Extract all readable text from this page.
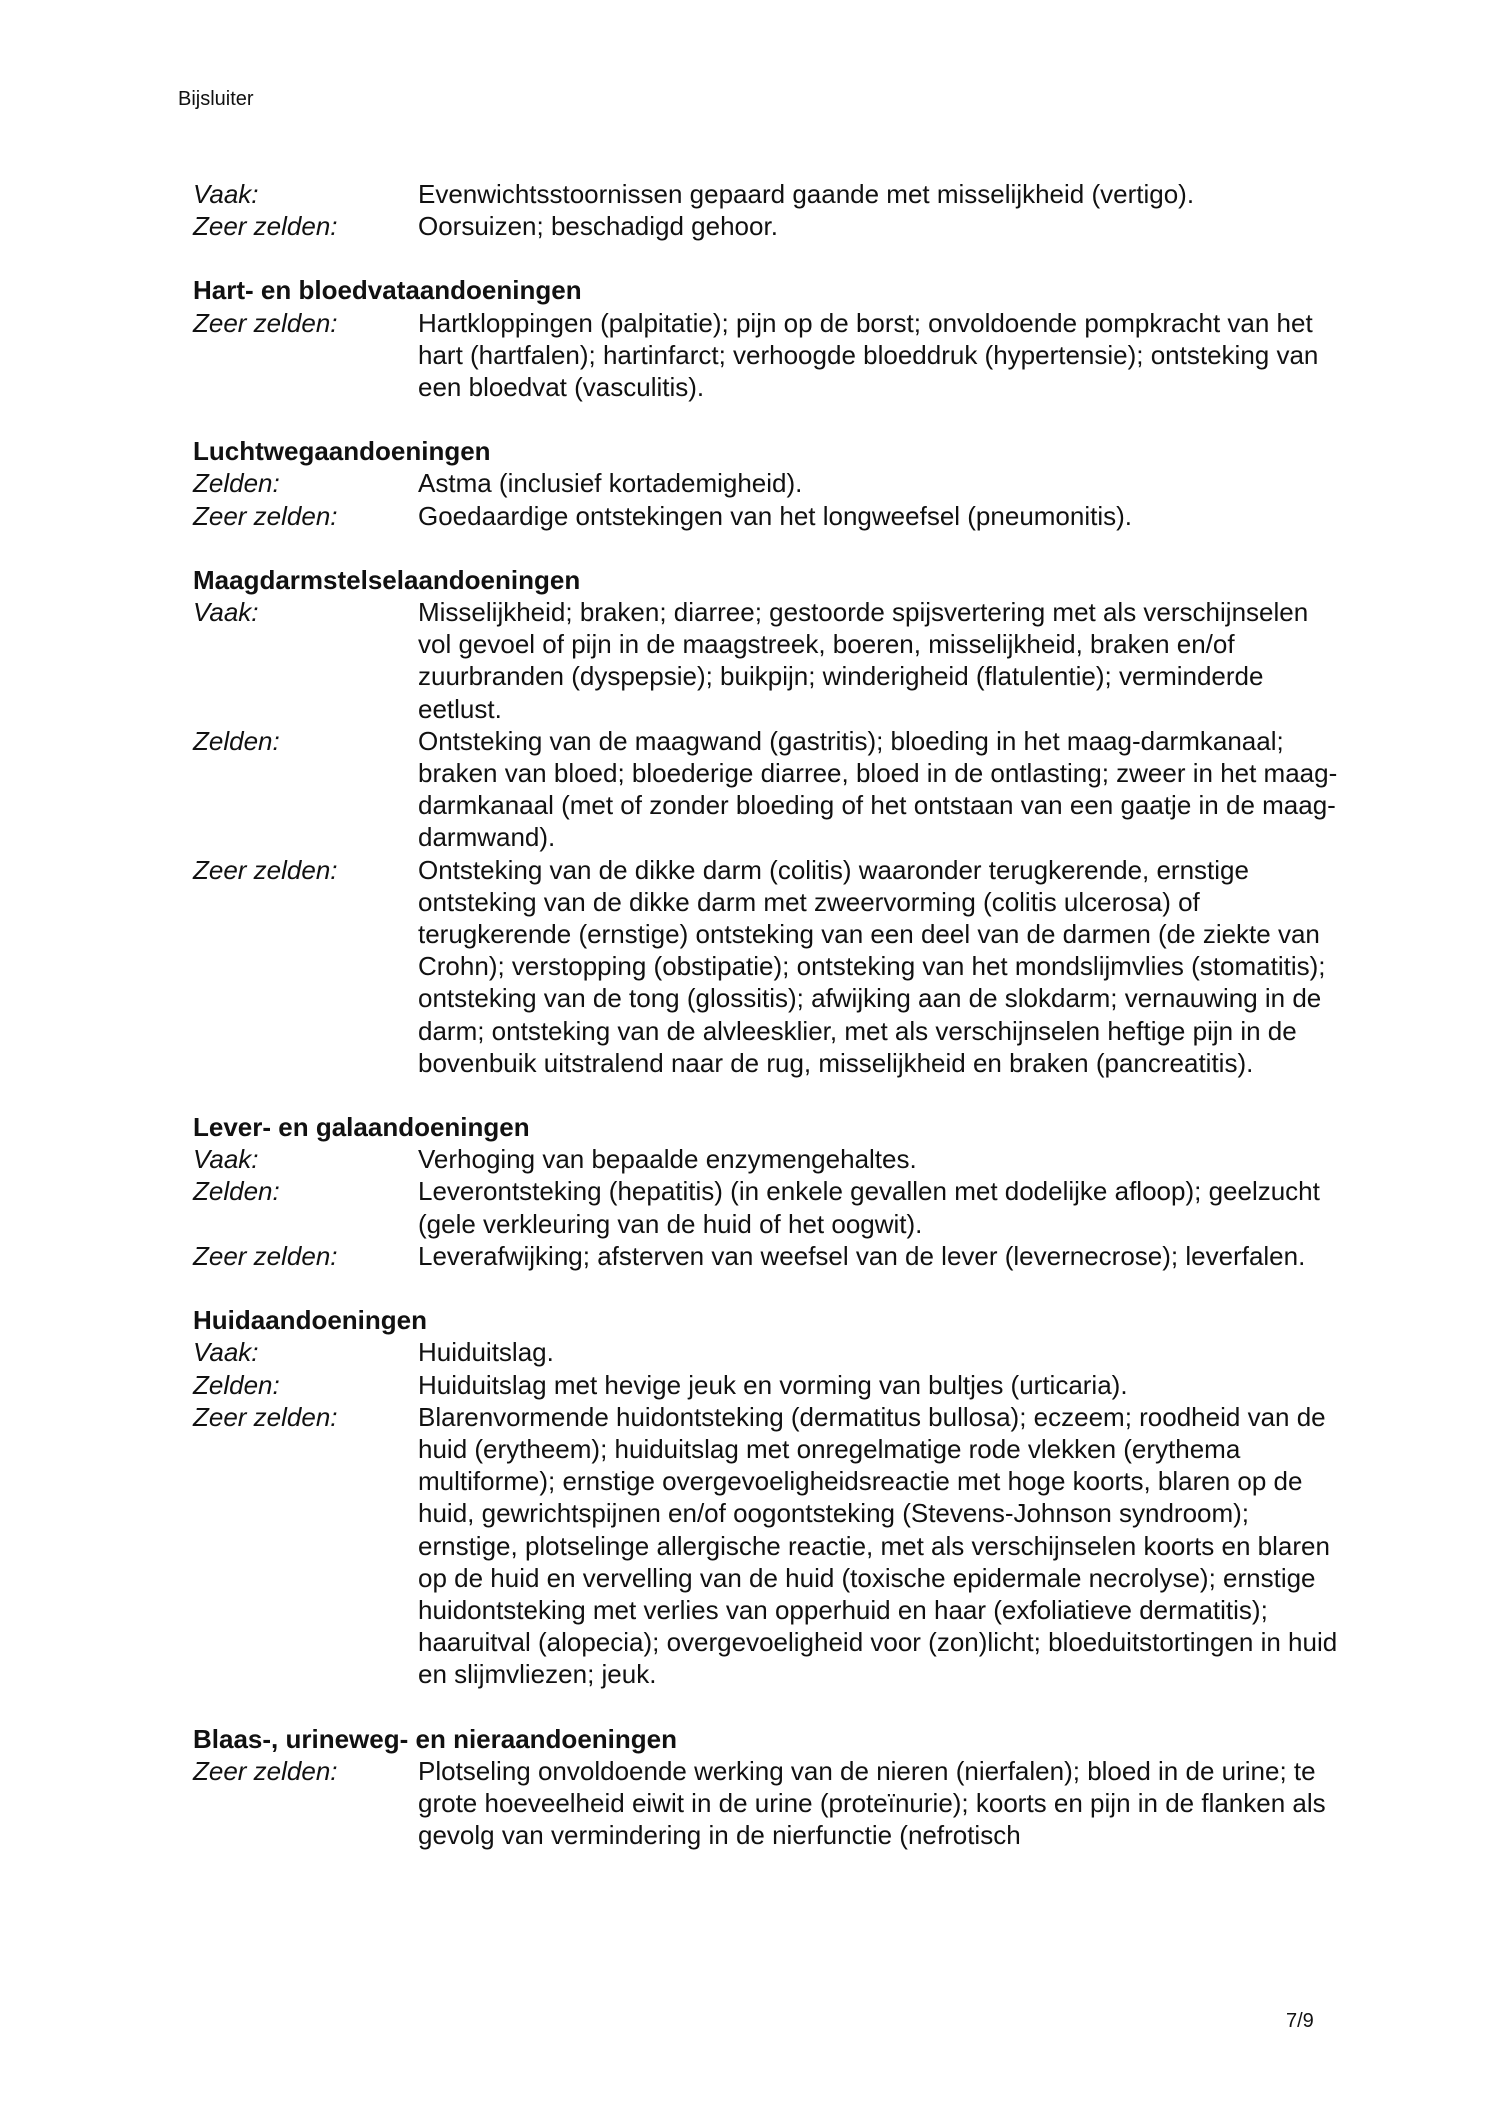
Bijsluiter
Vaak:	Evenwichtsstoornissen gepaard gaande met misselijkheid (vertigo).
Zeer zelden:	Oorsuizen; beschadigd gehoor.
Hart- en bloedvataandoeningen
Zeer zelden:	Hartkloppingen (palpitatie); pijn op de borst; onvoldoende pompkracht van het hart (hartfalen); hartinfarct; verhoogde bloeddruk (hypertensie); ontsteking van een bloedvat (vasculitis).
Luchtwegaandoeningen
Zelden:	Astma (inclusief kortademigheid).
Zeer zelden:	Goedaardige ontstekingen van het longweefsel (pneumonitis).
Maagdarmstelselaandoeningen
Vaak:	Misselijkheid; braken; diarree; gestoorde spijsvertering met als verschijnselen vol gevoel of pijn in de maagstreek, boeren, misselijkheid, braken en/of zuurbranden (dyspepsie); buikpijn; winderigheid (flatulentie); verminderde eetlust.
Zelden:	Ontsteking van de maagwand (gastritis); bloeding in het maag-darmkanaal; braken van bloed; bloederige diarree, bloed in de ontlasting; zweer in het maag-darmkanaal (met of zonder bloeding of het ontstaan van een gaatje in de maag-darmwand).
Zeer zelden:	Ontsteking van de dikke darm (colitis) waaronder terugkerende, ernstige ontsteking van de dikke darm met zweervorming (colitis ulcerosa) of terugkerende (ernstige) ontsteking van een deel van de darmen (de ziekte van Crohn); verstopping (obstipatie); ontsteking van het mondslijmvlies (stomatitis); ontsteking van de tong (glossitis); afwijking aan de slokdarm; vernauwing in de darm; ontsteking van de alvleesklier, met als verschijnselen heftige pijn in de bovenbuik uitstralend naar de rug, misselijkheid en braken (pancreatitis).
Lever- en galaandoeningen
Vaak:	Verhoging van bepaalde enzymengehaltes.
Zelden:	Leverontsteking (hepatitis) (in enkele gevallen met dodelijke afloop); geelzucht (gele verkleuring van de huid of het oogwit).
Zeer zelden:	Leverafwijking; afsterven van weefsel van de lever (levernecrose); leverfalen.
Huidaandoeningen
Vaak:	Huiduitslag.
Zelden:	Huiduitslag met hevige jeuk en vorming van bultjes (urticaria).
Zeer zelden:	Blarenvormende huidontsteking (dermatitus bullosa); eczeem; roodheid van de huid (erytheem); huiduitslag met onregelmatige rode vlekken (erythema multiforme); ernstige overgevoeligheidsreactie met hoge koorts, blaren op de huid, gewrichtspijnen en/of oogontsteking (Stevens-Johnson syndroom); ernstige, plotselinge allergische reactie, met als verschijnselen koorts en blaren op de huid en vervelling van de huid (toxische epidermale necrolyse); ernstige huidontsteking met verlies van opperhuid en haar (exfoliatieve dermatitis); haaruitval (alopecia); overgevoeligheid voor (zon)licht; bloeduitstortingen in huid en slijmvliezen; jeuk.
Blaas-, urineweg- en nieraandoeningen
Zeer zelden:	Plotseling onvoldoende werking van de nieren (nierfalen); bloed in de urine; te grote hoeveelheid eiwit in de urine (proteïnurie); koorts en pijn in de flanken als gevolg van vermindering in de nierfunctie (nefrotisch
7/9
